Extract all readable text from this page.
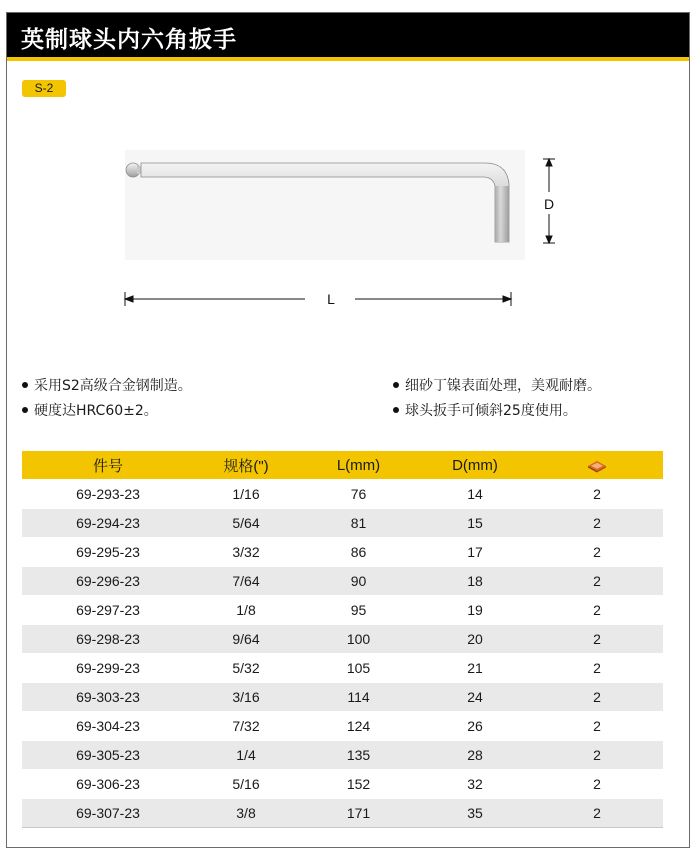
英制球头内六角扳手
S-2
D
L
采用S2高级合金钢制造。
硬度达HRC60±2。
细砂丁镍表面处理，美观耐磨。
球头扳手可倾斜25度使用。
件号	规格(")	L(mm)	D(mm)	
69-293-23	1/16	76	14	2
69-294-23	5/64	81	15	2
69-295-23	3/32	86	17	2
69-296-23	7/64	90	18	2
69-297-23	1/8	95	19	2
69-298-23	9/64	100	20	2
69-299-23	5/32	105	21	2
69-303-23	3/16	114	24	2
69-304-23	7/32	124	26	2
69-305-23	1/4	135	28	2
69-306-23	5/16	152	32	2
69-307-23	3/8	171	35	2
